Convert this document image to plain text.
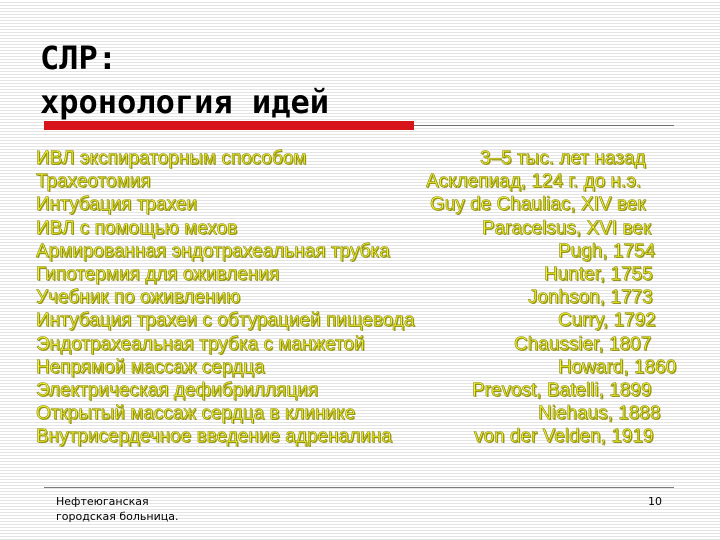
СЛР:
хронология идей
ИВЛ экспираторным способом	3–5 тыс. лет назад
Трахеотомия	Асклепиад, 124 г. до н.э.
Интубация трахеи	Guy de Chauliac, XIV век
ИВЛ с помощью мехов	Paracelsus, XVI век
Армированная эндотрахеальная трубка	Pugh, 1754
Гипотермия для оживления	Hunter, 1755
Учебник по оживлению	Jonhson, 1773
Интубация трахеи с обтурацией пищевода	Curry, 1792
Эндотрахеальная трубка с манжетой	Chaussier, 1807
Непрямой массаж сердца	Howard, 1860
Электрическая дефибрилляция	Prevost, Batelli, 1899
Открытый массаж сердца в клинике	Niehaus, 1888
Внутрисердечное введение адреналина	von der Velden, 1919
Нефтеюганская
городская больница.
10
